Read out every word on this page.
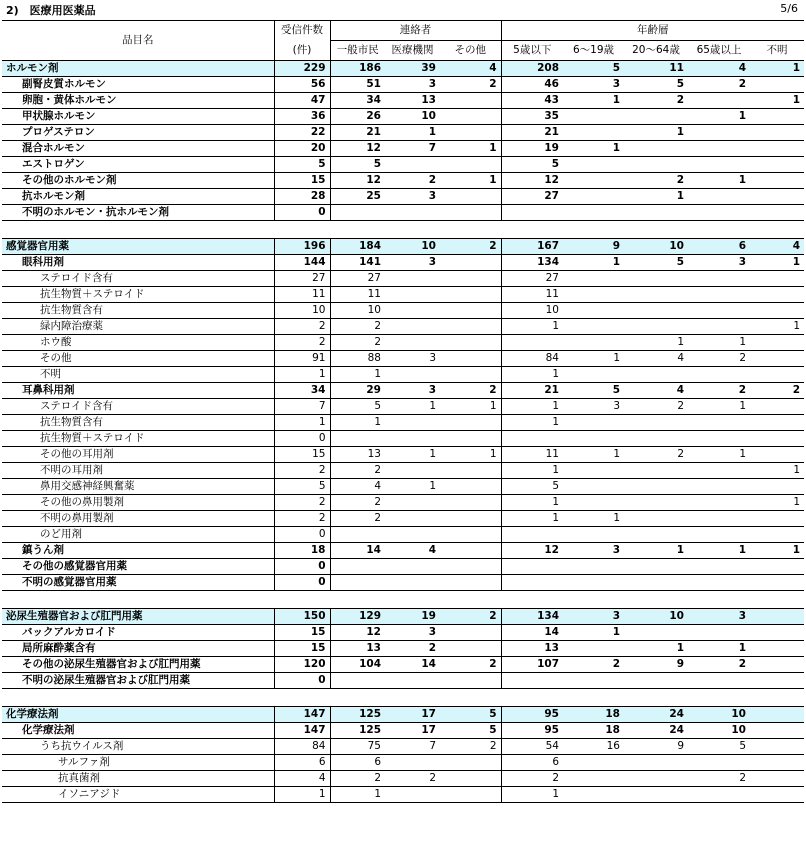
2)　医療用医薬品	5/6
品目名	受信件数	連絡者			年齢層				
	(件)	一般市民	医療機関	その他	5歳以下	6～19歳	20～64歳	65歳以上	不明
ホルモン剤	229	186	39	4	208	5	11	4	1
副腎皮質ホルモン	56	51	3	2	46	3	5	2	
卵胞・黄体ホルモン	47	34	13		43	1	2		1
甲状腺ホルモン	36	26	10		35			1	
プロゲステロン	22	21	1		21		1		
混合ホルモン	20	12	7	1	19	1			
エストロゲン	5	5			5				
その他のホルモン剤	15	12	2	1	12		2	1	
抗ホルモン剤	28	25	3		27		1		
不明のホルモン・抗ホルモン剤	0								

感覚器官用薬	196	184	10	2	167	9	10	6	4
眼科用剤	144	141	3		134	1	5	3	1
ステロイド含有	27	27			27				
抗生物質＋ステロイド	11	11			11				
抗生物質含有	10	10			10				
緑内障治療薬	2	2			1				1
ホウ酸	2	2					1	1	
その他	91	88	3		84	1	4	2	
不明	1	1			1				
耳鼻科用剤	34	29	3	2	21	5	4	2	2
ステロイド含有	7	5	1	1	1	3	2	1	
抗生物質含有	1	1			1				
抗生物質＋ステロイド	0								
その他の耳用剤	15	13	1	1	11	1	2	1	
不明の耳用剤	2	2			1				1
鼻用交感神経興奮薬	5	4	1		5				
その他の鼻用製剤	2	2			1				1
不明の鼻用製剤	2	2			1	1			
のど用剤	0								
鎮うん剤	18	14	4		12	3	1	1	1
その他の感覚器官用薬	0								
不明の感覚器官用薬	0								

泌尿生殖器官および肛門用薬	150	129	19	2	134	3	10	3	
バックアルカロイド	15	12	3		14	1			
局所麻酔薬含有	15	13	2		13		1	1	
その他の泌尿生殖器官および肛門用薬	120	104	14	2	107	2	9	2	
不明の泌尿生殖器官および肛門用薬	0								

化学療法剤	147	125	17	5	95	18	24	10	
化学療法剤	147	125	17	5	95	18	24	10	
うち抗ウイルス剤	84	75	7	2	54	16	9	5	
サルファ剤	6	6			6				
抗真菌剤	4	2	2		2			2	
イソニアジド	1	1			1				
